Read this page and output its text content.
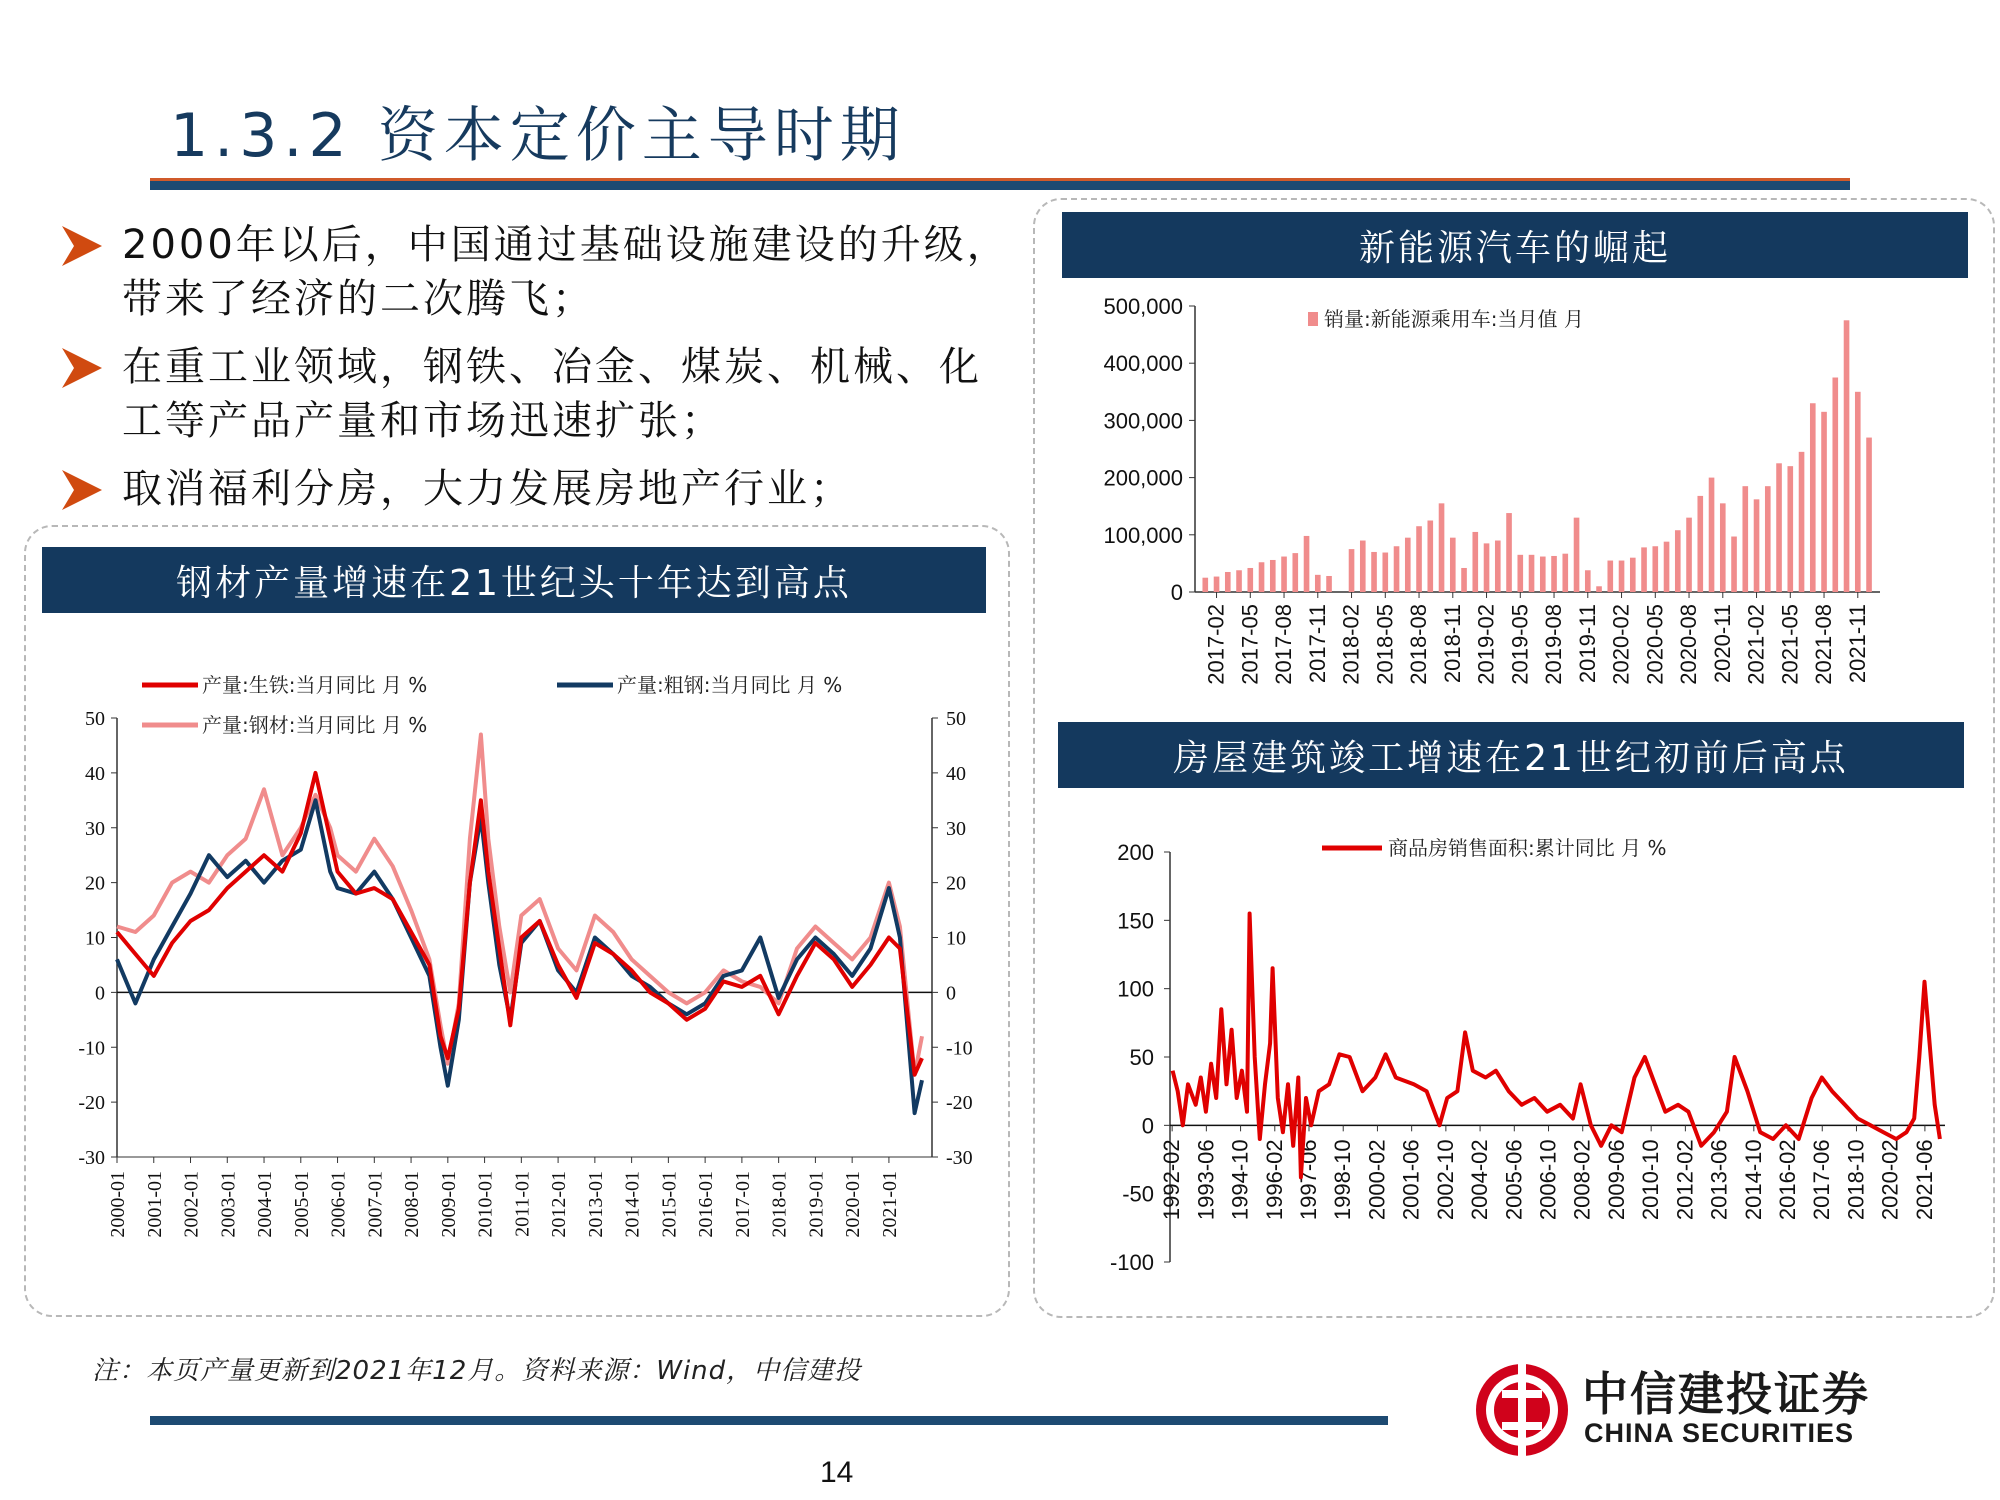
1.3.2 资本定价主导时期
2000年以后，中国通过基础设施建设的升级，带来了经济的二次腾飞；
在重工业领域，钢铁、冶金、煤炭、机械、化工等产品产量和市场迅速扩张；
取消福利分房，大力发展房地产行业；
钢材产量增速在21世纪头十年达到高点
新能源汽车的崛起
房屋建筑竣工增速在21世纪初前后高点
500,000
400,000
300,000
200,000
100,000
0
2017-02 2017-05 2017-08 2017-11 2018-02 2018-05 2018-08 2018-11 2019-02 2019-05 2019-08 2019-11 2020-02 2020-05 2020-08 2020-11 2021-02 2021-05 2021-08 2021-11
销量:新能源乘用车:当月值 月
50	50
40	40
30	30
20	20
10	10
0	0
-10	-10
-20	-20
-30	-30
2000-01 2001-01 2002-01 2003-01 2004-01 2005-01 2006-01 2007-01 2008-01 2009-01 2010-01 2011-01 2012-01 2013-01 2014-01 2015-01 2016-01 2017-01 2018-01 2019-01 2020-01 2021-01
产量:生铁:当月同比 月 %	产量:粗钢:当月同比 月 %
产量:钢材:当月同比 月 %
200
150
100
50
0
-50
-100
1992-02 1993-06 1994-10 1996-02 1997-06 1998-10 2000-02 2001-06 2002-10 2004-02 2005-06 2006-10 2008-02 2009-06 2010-10 2012-02 2013-06 2014-10 2016-02 2017-06 2018-10 2020-02 2021-06
商品房销售面积:累计同比 月 %
注：本页产量更新到2021年12月。资料来源：Wind，中信建投
14
中信建投证券
CHINA SECURITIES
